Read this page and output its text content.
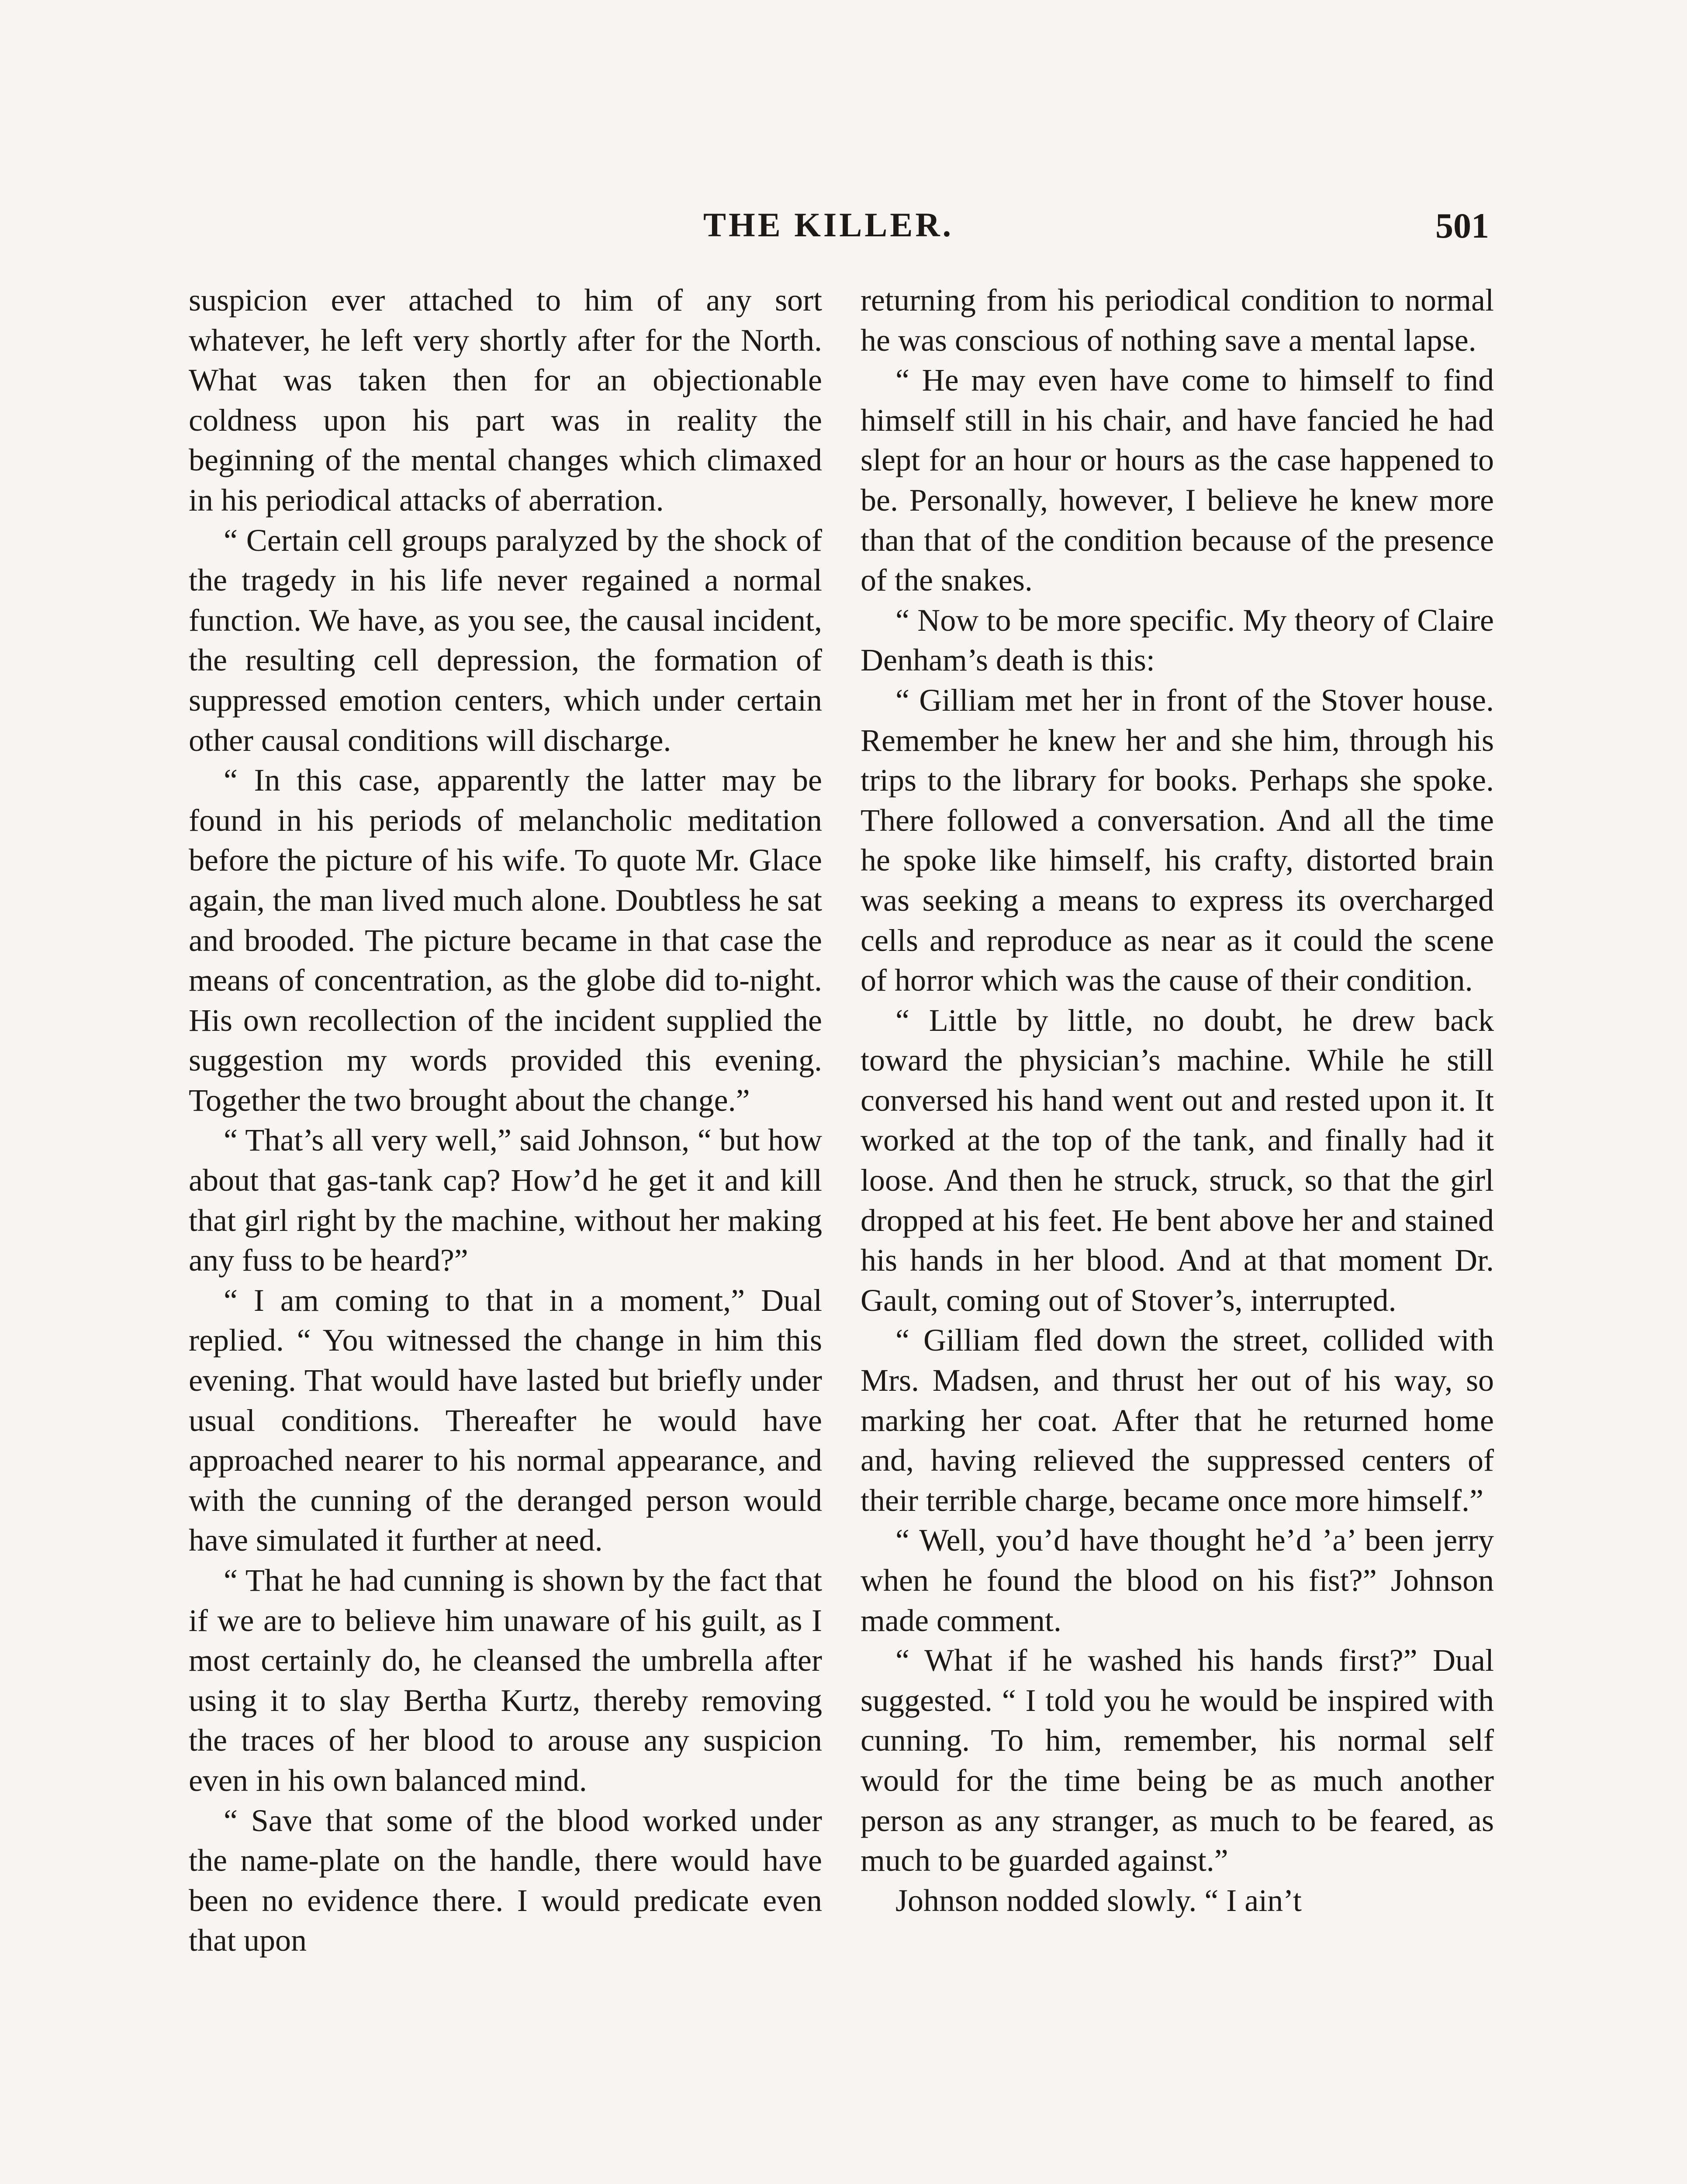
THE KILLER.	501

suspicion ever attached to him of any sort whatever, he left very shortly after for the North. What was taken then for an objectionable coldness upon his part was in reality the beginning of the mental changes which climaxed in his periodical attacks of aberration.

“ Certain cell groups paralyzed by the shock of the tragedy in his life never regained a normal function. We have, as you see, the causal incident, the resulting cell depression, the formation of suppressed emotion centers, which under certain other causal conditions will discharge.

“ In this case, apparently the latter may be found in his periods of melancholic meditation before the picture of his wife. To quote Mr. Glace again, the man lived much alone. Doubtless he sat and brooded. The picture became in that case the means of concentration, as the globe did to-night. His own recollection of the incident supplied the suggestion my words provided this evening. Together the two brought about the change.”

“ That’s all very well,” said Johnson, “ but how about that gas-tank cap? How’d he get it and kill that girl right by the machine, without her making any fuss to be heard?”

“ I am coming to that in a moment,” Dual replied. “ You witnessed the change in him this evening. That would have lasted but briefly under usual conditions. Thereafter he would have approached nearer to his normal appearance, and with the cunning of the deranged person would have simulated it further at need.

“ That he had cunning is shown by the fact that if we are to believe him unaware of his guilt, as I most certainly do, he cleansed the umbrella after using it to slay Bertha Kurtz, thereby removing the traces of her blood to arouse any suspicion even in his own balanced mind.

“ Save that some of the blood worked under the name-plate on the handle, there would have been no evidence there. I would predicate even that upon

returning from his periodical condition to normal he was conscious of nothing save a mental lapse.

“ He may even have come to himself to find himself still in his chair, and have fancied he had slept for an hour or hours as the case happened to be. Personally, however, I believe he knew more than that of the condition because of the presence of the snakes.

“ Now to be more specific. My theory of Claire Denham’s death is this:

“ Gilliam met her in front of the Stover house. Remember he knew her and she him, through his trips to the library for books. Perhaps she spoke. There followed a conversation. And all the time he spoke like himself, his crafty, distorted brain was seeking a means to express its overcharged cells and reproduce as near as it could the scene of horror which was the cause of their condition.

“ Little by little, no doubt, he drew back toward the physician’s machine. While he still conversed his hand went out and rested upon it. It worked at the top of the tank, and finally had it loose. And then he struck, struck, so that the girl dropped at his feet. He bent above her and stained his hands in her blood. And at that moment Dr. Gault, coming out of Stover’s, interrupted.

“ Gilliam fled down the street, collided with Mrs. Madsen, and thrust her out of his way, so marking her coat. After that he returned home and, having relieved the suppressed centers of their terrible charge, became once more himself.”

“ Well, you’d have thought he’d ’a’ been jerry when he found the blood on his fist?” Johnson made comment.

“ What if he washed his hands first?” Dual suggested. “ I told you he would be inspired with cunning. To him, remember, his normal self would for the time being be as much another person as any stranger, as much to be feared, as much to be guarded against.”

Johnson nodded slowly. “ I ain’t
